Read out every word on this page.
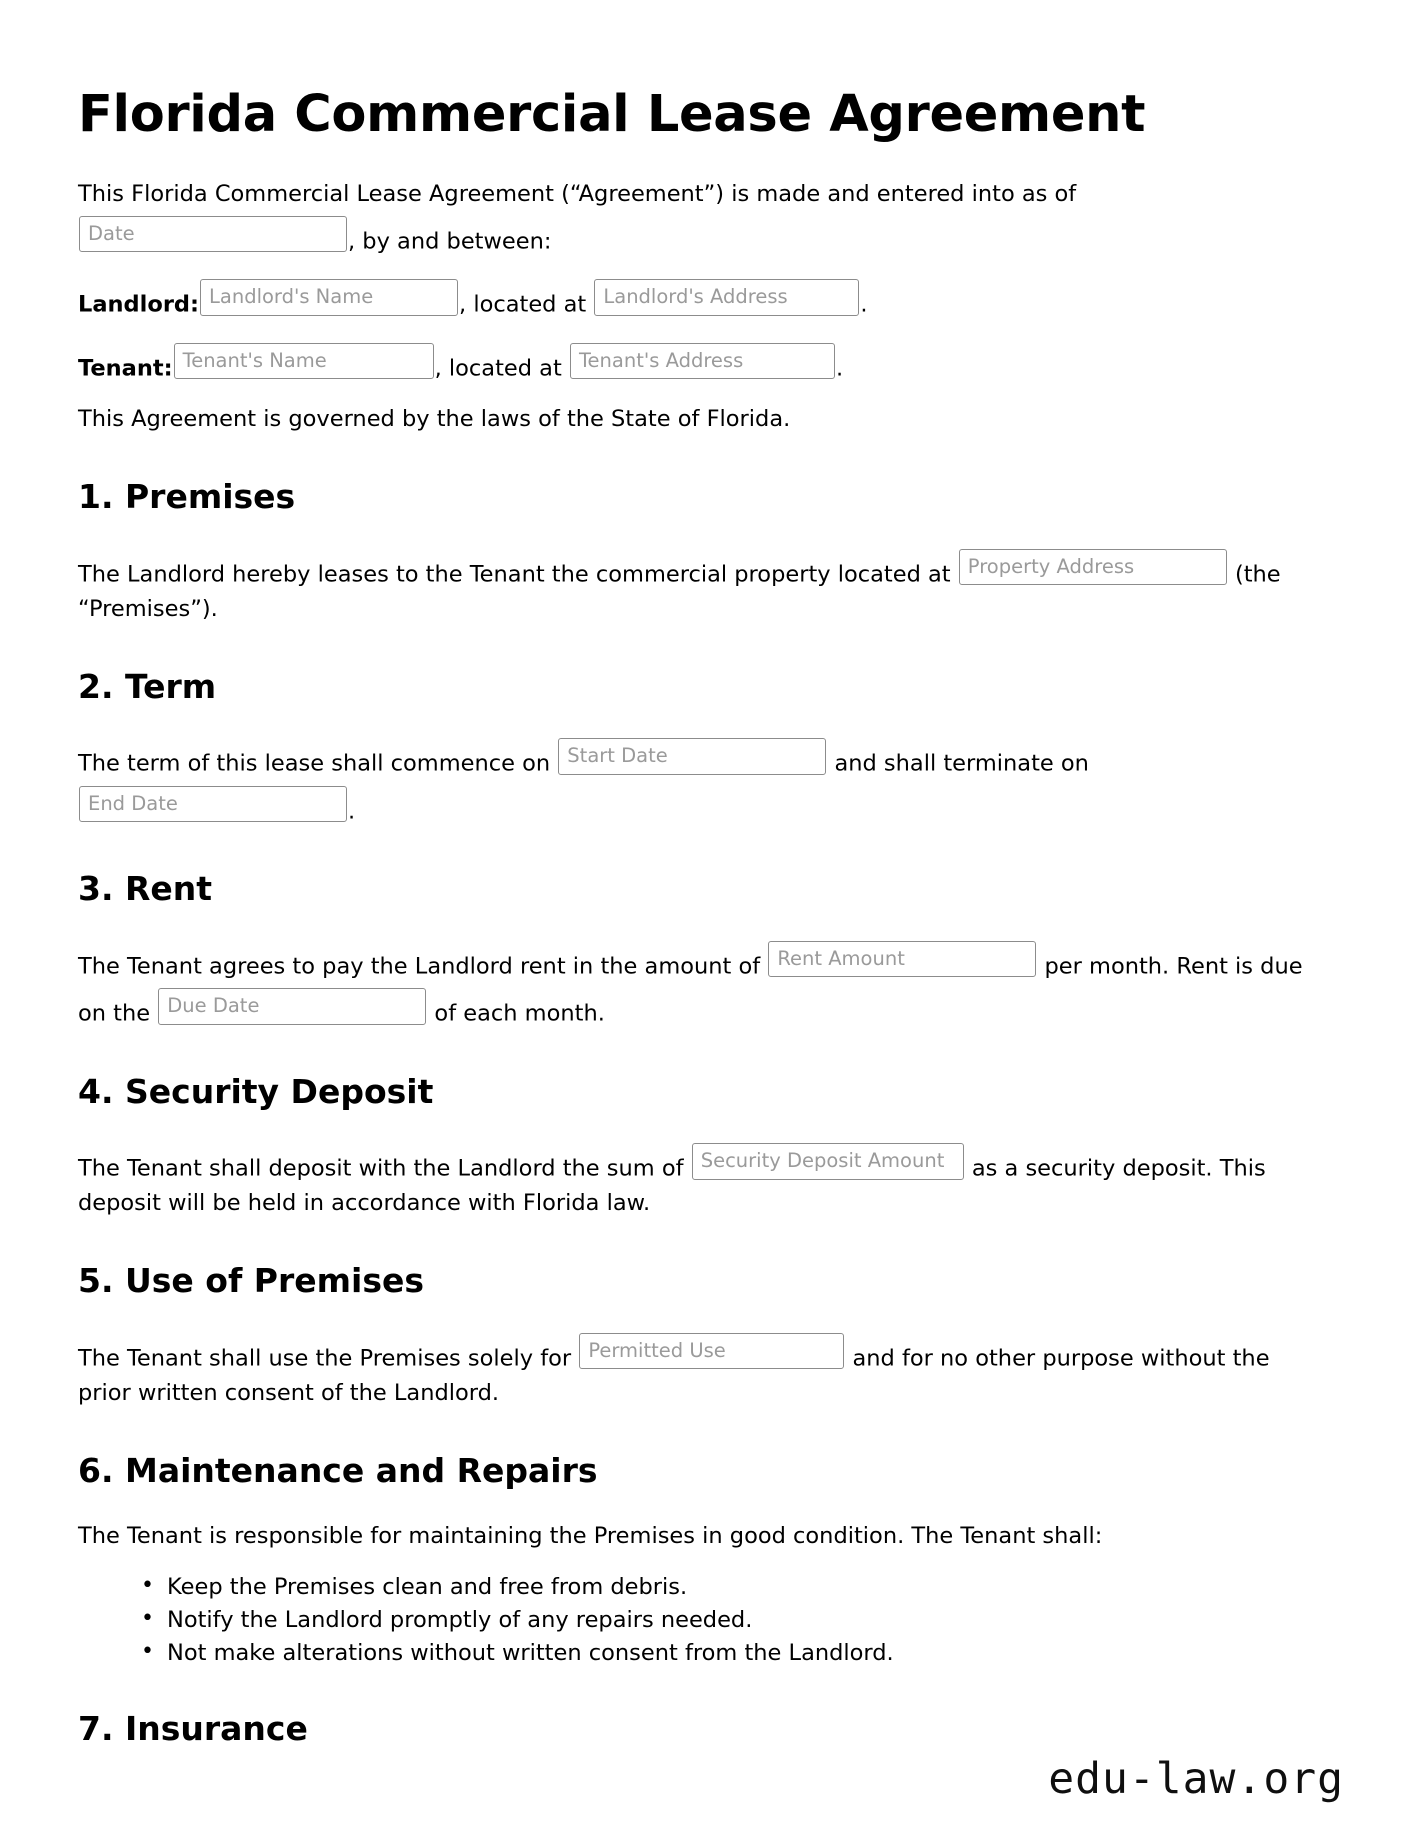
Florida Commercial Lease Agreement

This Florida Commercial Lease Agreement (“Agreement”) is made and entered into as of Date	, by and between:

Landlord: Landlord's Name	, located at Landlord's Address	.

Tenant: Tenant's Name	, located at Tenant's Address	.

This Agreement is governed by the laws of the State of Florida.

1. Premises

The Landlord hereby leases to the Tenant the commercial property located at Property Address	(the “Premises”).

2. Term

The term of this lease shall commence on Start Date	and shall terminate on End Date	.

3. Rent

The Tenant agrees to pay the Landlord rent in the amount of Rent Amount	per month. Rent is due on the Due Date	of each month.

4. Security Deposit

The Tenant shall deposit with the Landlord the sum of Security Deposit Amount as a security deposit. This deposit will be held in accordance with Florida law.

5. Use of Premises

The Tenant shall use the Premises solely for Permitted Use	and for no other purpose without the prior written consent of the Landlord.

6. Maintenance and Repairs

The Tenant is responsible for maintaining the Premises in good condition. The Tenant shall:

• Keep the Premises clean and free from debris.
• Notify the Landlord promptly of any repairs needed.
• Not make alterations without written consent from the Landlord.
7. Insurance
edu-law.org
